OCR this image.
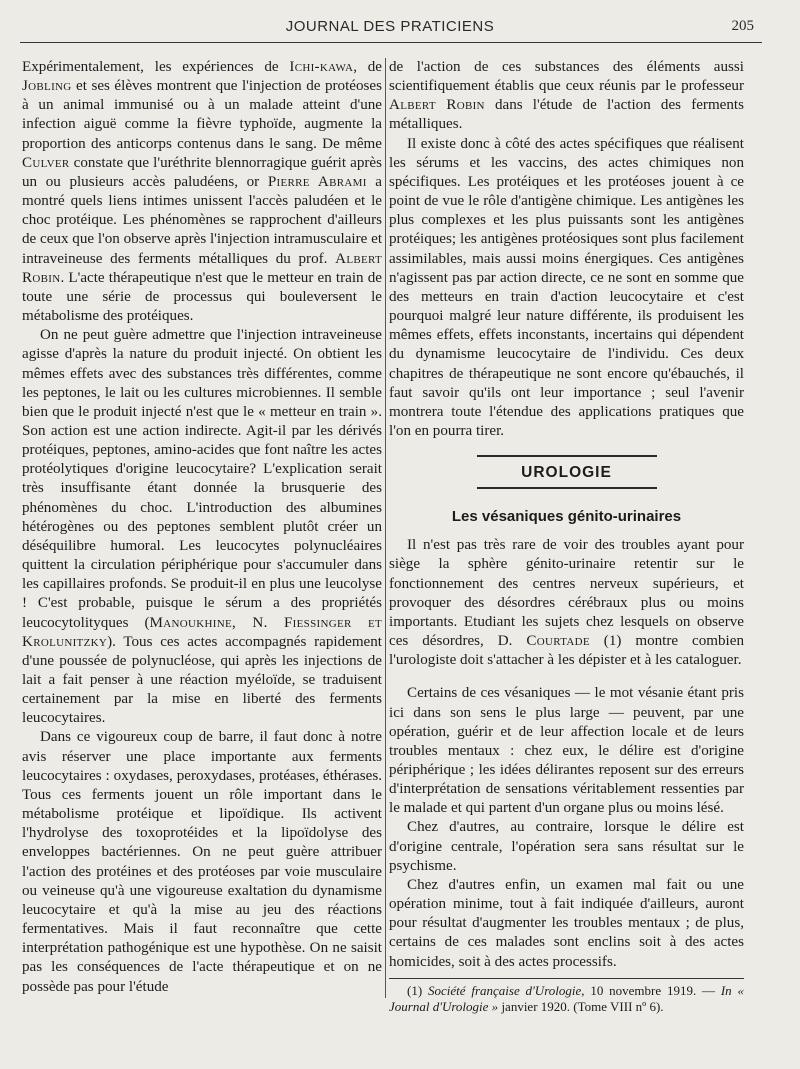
JOURNAL DES PRATICIENS	205

Expérimentalement, les expériences de Ichi-kawa, de Jobling et ses élèves montrent que l'injection de protéoses à un animal immunisé ou à un malade atteint d'une infection aiguë comme la fièvre typhoïde, augmente la proportion des anticorps contenus dans le sang. De même Culver constate que l'uréthrite blennorragique guérit après un ou plusieurs accès paludéens, or Pierre Abrami a montré quels liens intimes unissent l'accès paludéen et le choc protéique. Les phénomènes se rapprochent d'ailleurs de ceux que l'on observe après l'injection intramusculaire et intraveineuse des ferments métalliques du prof. Albert Robin. L'acte thérapeutique n'est que le metteur en train de toute une série de processus qui bouleversent le métabolisme des protéiques.

On ne peut guère admettre que l'injection intraveineuse agisse d'après la nature du produit injecté. On obtient les mêmes effets avec des substances très différentes, comme les peptones, le lait ou les cultures microbiennes. Il semble bien que le produit injecté n'est que le « metteur en train ». Son action est une action indirecte. Agit-il par les dérivés protéiques, peptones, amino-acides que font naître les actes protéolytiques d'origine leucocytaire? L'explication serait très insuffisante étant donnée la brusquerie des phénomènes du choc. L'introduction des albumines hétérogènes ou des peptones semblent plutôt créer un déséquilibre humoral. Les leucocytes polynucléaires quittent la circulation périphérique pour s'accumuler dans les capillaires profonds. Se produit-il en plus une leucolyse ! C'est probable, puisque le sérum a des propriétés leucocytolityques (Manoukhine, N. Fiessinger et Krolunitzky). Tous ces actes accompagnés rapidement d'une poussée de polynucléose, qui après les injections de lait a fait penser à une réaction myéloïde, se traduisent certainement par la mise en liberté des ferments leucocytaires.

Dans ce vigoureux coup de barre, il faut donc à notre avis réserver une place importante aux ferments leucocytaires : oxydases, peroxydases, protéases, éthérases. Tous ces ferments jouent un rôle important dans le métabolisme protéique et lipoïdique. Ils activent l'hydrolyse des toxoprotéides et la lipoïdolyse des enveloppes bactériennes. On ne peut guère attribuer l'action des protéines et des protéoses par voie musculaire ou veineuse qu'à une vigoureuse exaltation du dynamisme leucocytaire et qu'à la mise au jeu des réactions fermentatives. Mais il faut reconnaître que cette interprétation pathogénique est une hypothèse. On ne saisit pas les conséquences de l'acte thérapeutique et on ne possède pas pour l'étude

de l'action de ces substances des éléments aussi scientifiquement établis que ceux réunis par le professeur Albert Robin dans l'étude de l'action des ferments métalliques.

Il existe donc à côté des actes spécifiques que réalisent les sérums et les vaccins, des actes chimiques non spécifiques. Les protéiques et les protéoses jouent à ce point de vue le rôle d'antigène chimique. Les antigènes les plus complexes et les plus puissants sont les antigènes protéiques; les antigènes protéosiques sont plus facilement assimilables, mais aussi moins énergiques. Ces antigènes n'agissent pas par action directe, ce ne sont en somme que des metteurs en train d'action leucocytaire et c'est pourquoi malgré leur nature différente, ils produisent les mêmes effets, effets inconstants, incertains qui dépendent du dynamisme leucocytaire de l'individu. Ces deux chapitres de thérapeutique ne sont encore qu'ébauchés, il faut savoir qu'ils ont leur importance ; seul l'avenir montrera toute l'étendue des applications pratiques que l'on en pourra tirer.

UROLOGIE
Les vésaniques génito-urinaires

Il n'est pas très rare de voir des troubles ayant pour siège la sphère génito-urinaire retentir sur le fonctionnement des centres nerveux supérieurs, et provoquer des désordres cérébraux plus ou moins importants. Etudiant les sujets chez lesquels on observe ces désordres, D. Courtade (1) montre combien l'urologiste doit s'attacher à les dépister et à les cataloguer.

Certains de ces vésaniques — le mot vésanie étant pris ici dans son sens le plus large — peuvent, par une opération, guérir et de leur affection locale et de leurs troubles mentaux : chez eux, le délire est d'origine périphérique ; les idées délirantes reposent sur des erreurs d'interprétation de sensations véritablement ressenties par le malade et qui partent d'un organe plus ou moins lésé.

Chez d'autres, au contraire, lorsque le délire est d'origine centrale, l'opération sera sans résultat sur le psychisme.

Chez d'autres enfin, un examen mal fait ou une opération minime, tout à fait indiquée d'ailleurs, auront pour résultat d'augmenter les troubles mentaux ; de plus, certains de ces malades sont enclins soit à des actes homicides, soit à des actes processifs.

(1) Société française d'Urologie, 10 novembre 1919. — In « Journal d'Urologie » janvier 1920. (Tome VIII nº 6).
